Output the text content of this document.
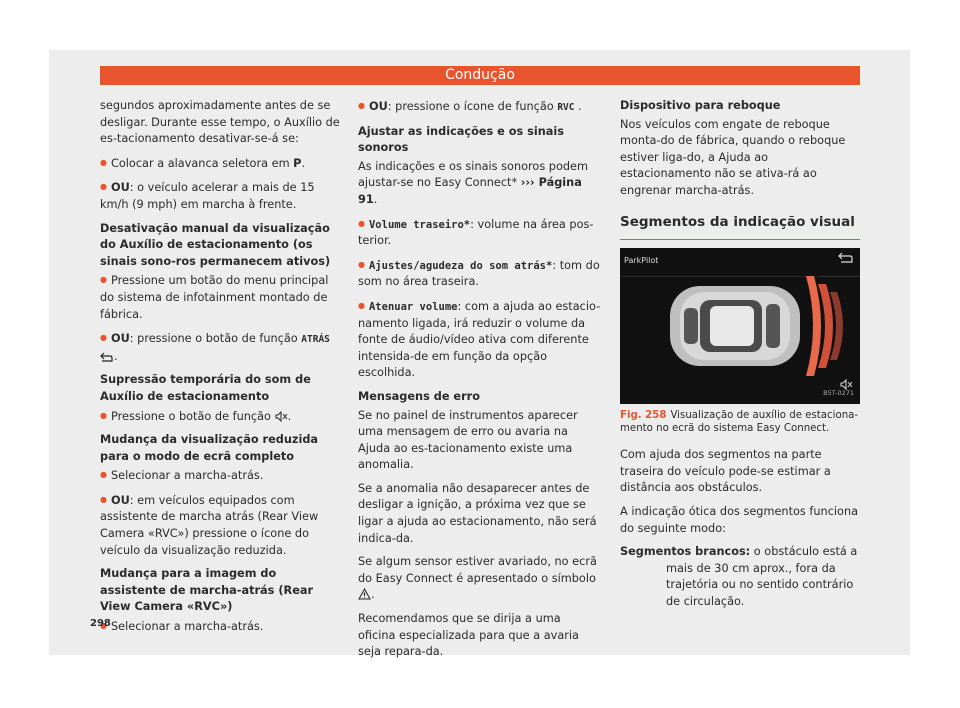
Condução

segundos aproximadamente antes de se desligar. Durante esse tempo, o Auxílio de es-tacionamento desativar-se-á se:

● Colocar a alavanca seletora em P.

● OU: o veículo acelerar a mais de 15 km/h (9 mph) em marcha à frente.

Desativação manual da visualização do Auxílio de estacionamento (os sinais sono-ros permanecem ativos)

● Pressione um botão do menu principal do sistema de infotainment montado de fábrica.

● OU: pressione o botão de função ATRÁS
.

Supressão temporária do som de Auxílio de estacionamento

● Pressione o botão de função .

Mudança da visualização reduzida para o modo de ecrã completo

● Selecionar a marcha-atrás.

● OU: em veículos equipados com assistente de marcha atrás (Rear View Camera «RVC») pressione o ícone do veículo da visualização reduzida.

Mudança para a imagem do assistente de marcha-atrás (Rear View Camera «RVC»)

● Selecionar a marcha-atrás.

● OU: pressione o ícone de função RVC .

Ajustar as indicações e os sinais sonoros

As indicações e os sinais sonoros podem ajustar-se no Easy Connect* ››› Página 91.

● Volume traseiro*: volume na área pos-terior.

● Ajustes/agudeza do som atrás*: tom do som no área traseira.

● Atenuar volume: com a ajuda ao estacio-namento ligada, irá reduzir o volume da fonte de áudio/vídeo ativa com diferente intensida-de em função da opção escolhida.

Mensagens de erro

Se no painel de instrumentos aparecer uma mensagem de erro ou avaria na Ajuda ao es-tacionamento existe uma anomalia.

Se a anomalia não desaparecer antes de desligar a ignição, a próxima vez que se ligar a ajuda ao estacionamento, não será indica-da.

Se algum sensor estiver avariado, no ecrã do Easy Connect é apresentado o símbolo .

Recomendamos que se dirija a uma oficina especializada para que a avaria seja repara-da.

Dispositivo para reboque

Nos veículos com engate de reboque monta-do de fábrica, quando o reboque estiver liga-do, a Ajuda ao estacionamento não se ativa-rá ao engrenar marcha-atrás.

Segmentos da indicação visual
ParkPilot
B5T-0271

Fig. 258 Visualização de auxílio de estaciona-mento no ecrã do sistema Easy Connect.

Com ajuda dos segmentos na parte traseira do veículo pode-se estimar a distância aos obstáculos.

A indicação ótica dos segmentos funciona do seguinte modo:

Segmentos brancos: o obstáculo está a mais de 30 cm aprox., fora da trajetória ou no sentido contrário de circulação.

298
